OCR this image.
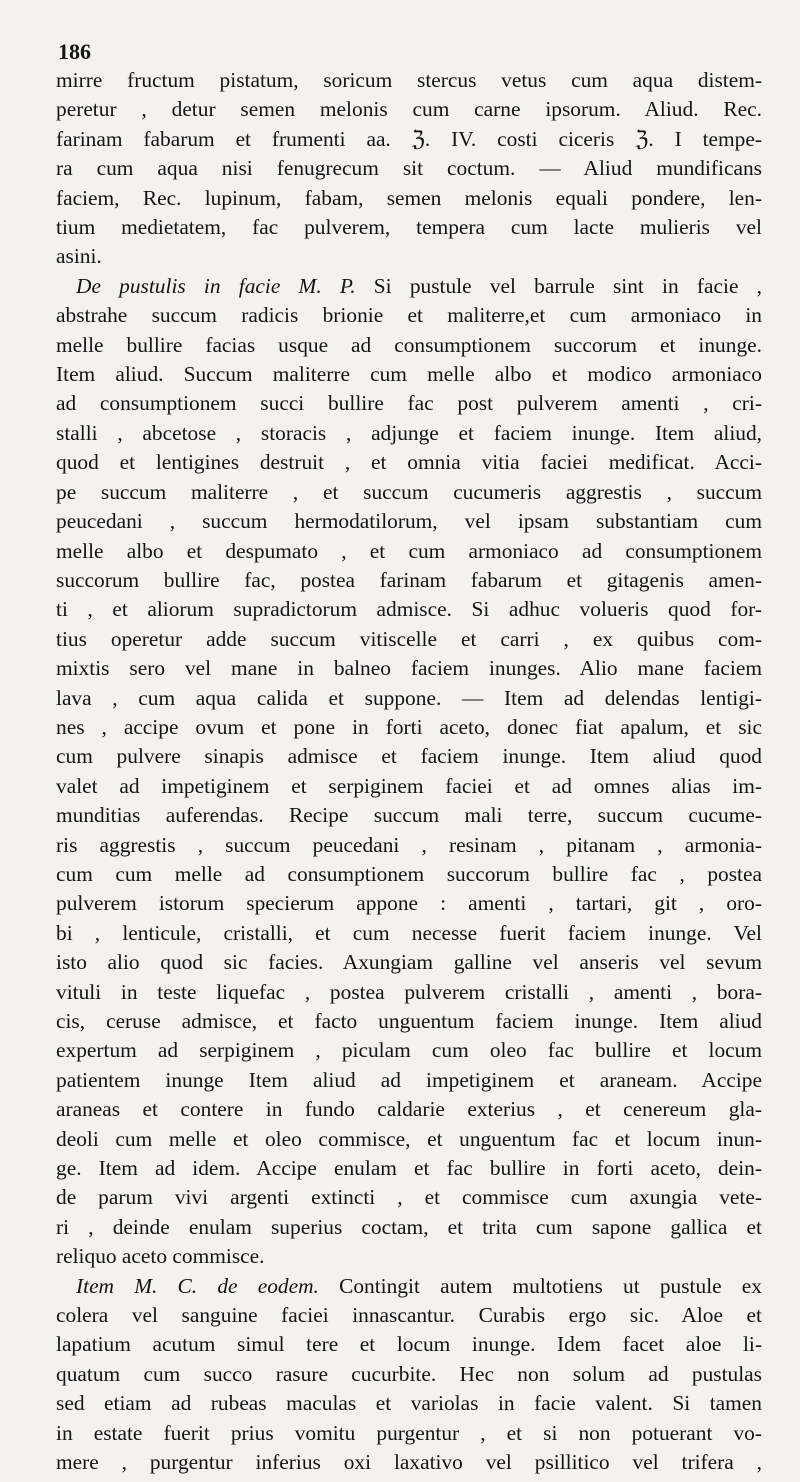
186
mirre fructum pistatum, soricum stercus vetus cum aqua distem-
peretur , detur semen melonis cum carne ipsorum. Aliud. Rec.
farinam fabarum et frumenti aa. ℨ. IV. costi ciceris ℨ. I tempe-
ra cum aqua nisi fenugrecum sit coctum. — Aliud mundificans
faciem, Rec. lupinum, fabam, semen melonis equali pondere, len-
tium medietatem, fac pulverem, tempera cum lacte mulieris vel
asini.
De pustulis in facie M. P. Si pustule vel barrule sint in facie ,
abstrahe succum radicis brionie et maliterre,et cum armoniaco in
melle bullire facias usque ad consumptionem succorum et inunge.
Item aliud. Succum maliterre cum melle albo et modico armoniaco
ad consumptionem succi bullire fac post pulverem amenti , cri-
stalli , abcetose , storacis , adjunge et faciem inunge. Item aliud,
quod et lentigines destruit , et omnia vitia faciei medificat. Acci-
pe succum maliterre , et succum cucumeris aggrestis , succum
peucedani , succum hermodatilorum, vel ipsam substantiam cum
melle albo et despumato , et cum armoniaco ad consumptionem
succorum bullire fac, postea farinam fabarum et gitagenis amen-
ti , et aliorum supradictorum admisce. Si adhuc volueris quod for-
tius operetur adde succum vitiscelle et carri , ex quibus com-
mixtis sero vel mane in balneo faciem inunges. Alio mane faciem
lava , cum aqua calida et suppone. — Item ad delendas lentigi-
nes , accipe ovum et pone in forti aceto, donec fiat apalum, et sic
cum pulvere sinapis admisce et faciem inunge. Item aliud quod
valet ad impetiginem et serpiginem faciei et ad omnes alias im-
munditias auferendas. Recipe succum mali terre, succum cucume-
ris aggrestis , succum peucedani , resinam , pitanam , armonia-
cum cum melle ad consumptionem succorum bullire fac , postea
pulverem istorum specierum appone : amenti , tartari, git , oro-
bi , lenticule, cristalli, et cum necesse fuerit faciem inunge. Vel
isto alio quod sic facies. Axungiam galline vel anseris vel sevum
vituli in teste liquefac , postea pulverem cristalli , amenti , bora-
cis, ceruse admisce, et facto unguentum faciem inunge. Item aliud
expertum ad serpiginem , piculam cum oleo fac bullire et locum
patientem inunge Item aliud ad impetiginem et araneam. Accipe
araneas et contere in fundo caldarie exterius , et cenereum gla-
deoli cum melle et oleo commisce, et unguentum fac et locum inun-
ge. Item ad idem. Accipe enulam et fac bullire in forti aceto, dein-
de parum vivi argenti extincti , et commisce cum axungia vete-
ri , deinde enulam superius coctam, et trita cum sapone gallica et
reliquo aceto commisce.
Item M. C. de eodem. Contingit autem multotiens ut pustule ex
colera vel sanguine faciei innascantur. Curabis ergo sic. Aloe et
lapatium acutum simul tere et locum inunge. Idem facet aloe li-
quatum cum succo rasure cucurbite. Hec non solum ad pustulas
sed etiam ad rubeas maculas et variolas in facie valent. Si tamen
in estate fuerit prius vomitu purgentur , et si non potuerant vo-
mere , purgentur inferius oxi laxativo vel psillitico vel trifera ,
